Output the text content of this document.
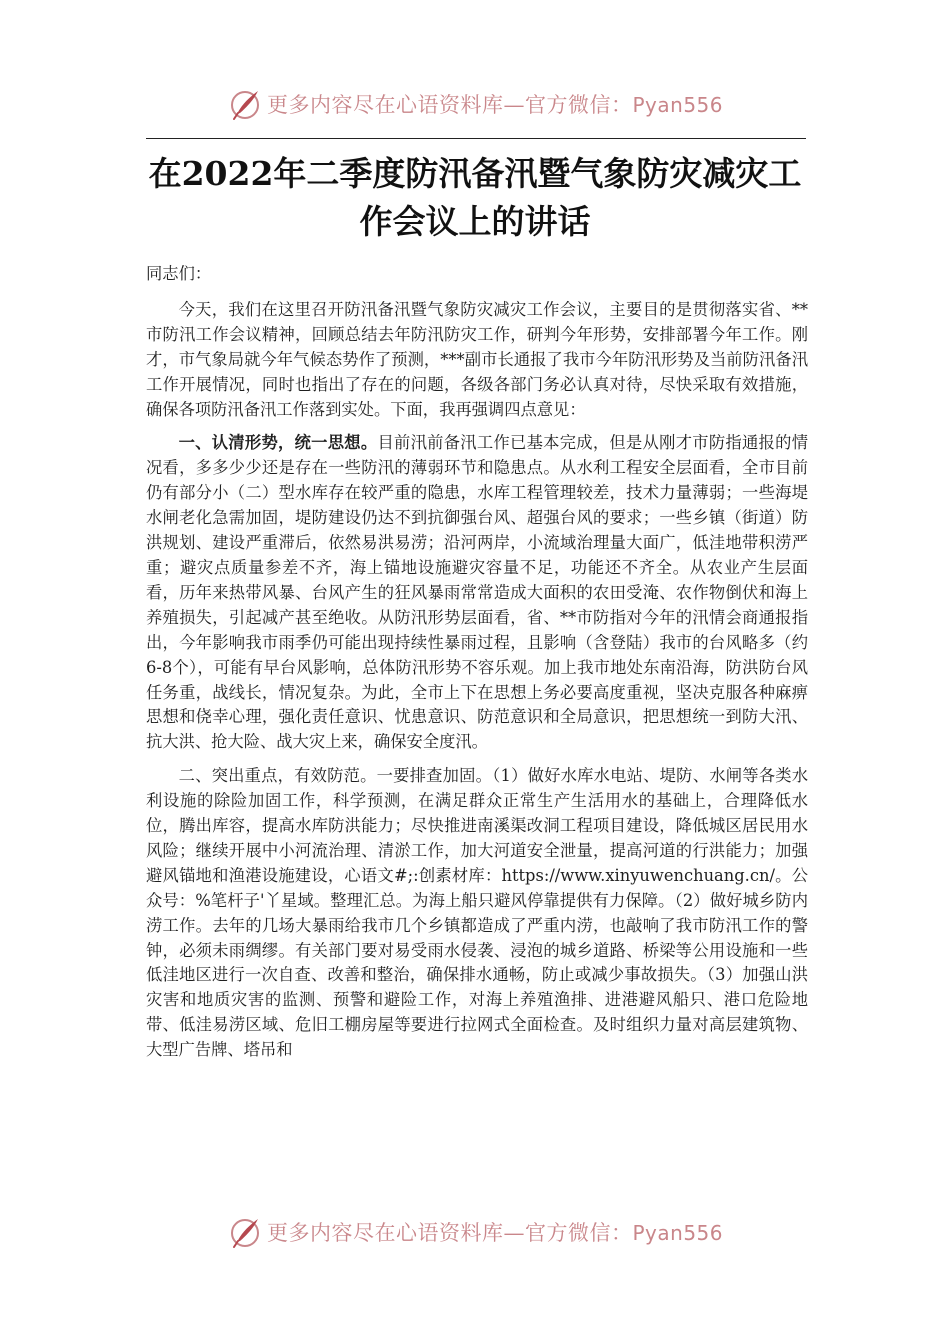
更多内容尽在心语资料库—官方微信：Pyan556
在2022年二季度防汛备汛暨气象防灾减灾工作会议上的讲话

同志们：

今天，我们在这里召开防汛备汛暨气象防灾减灾工作会议，主要目的是贯彻落实省、**市防汛工作会议精神，回顾总结去年防汛防灾工作，研判今年形势，安排部署今年工作。刚才，市气象局就今年气候态势作了预测，***副市长通报了我市今年防汛形势及当前防汛备汛工作开展情况，同时也指出了存在的问题，各级各部门务必认真对待，尽快采取有效措施，确保各项防汛备汛工作落到实处。下面，我再强调四点意见：

一、认清形势，统一思想。目前汛前备汛工作已基本完成，但是从刚才市防指通报的情况看，多多少少还是存在一些防汛的薄弱环节和隐患点。从水利工程安全层面看，全市目前仍有部分小（二）型水库存在较严重的隐患，水库工程管理较差，技术力量薄弱；一些海堤水闸老化急需加固，堤防建设仍达不到抗御强台风、超强台风的要求；一些乡镇（街道）防洪规划、建设严重滞后，依然易洪易涝；沿河两岸，小流域治理量大面广，低洼地带积涝严重；避灾点质量参差不齐，海上锚地设施避灾容量不足，功能还不齐全。从农业产生层面看，历年来热带风暴、台风产生的狂风暴雨常常造成大面积的农田受淹、农作物倒伏和海上养殖损失，引起减产甚至绝收。从防汛形势层面看，省、**市防指对今年的汛情会商通报指出，今年影响我市雨季仍可能出现持续性暴雨过程，且影响（含登陆）我市的台风略多（约6-8个），可能有早台风影响，总体防汛形势不容乐观。加上我市地处东南沿海，防洪防台风任务重，战线长，情况复杂。为此，全市上下在思想上务必要高度重视，坚决克服各种麻痹思想和侥幸心理，强化责任意识、忧患意识、防范意识和全局意识，把思想统一到防大汛、抗大洪、抢大险、战大灾上来，确保安全度汛。

二、突出重点，有效防范。一要排查加固。（1）做好水库水电站、堤防、水闸等各类水利设施的除险加固工作，科学预测，在满足群众正常生产生活用水的基础上，合理降低水位，腾出库容，提高水库防洪能力；尽快推进南溪渠改洞工程项目建设，降低城区居民用水风险；继续开展中小河流治理、清淤工作，加大河道安全泄量，提高河道的行洪能力；加强避风锚地和渔港设施建设，心语文#;:创素材库：https://www.xinyuwenchuang.cn/。公众号：%笔杆子'丫星域。整理汇总。为海上船只避风停靠提供有力保障。（2）做好城乡防内涝工作。去年的几场大暴雨给我市几个乡镇都造成了严重内涝，也敲响了我市防汛工作的警钟，必须未雨绸缪。有关部门要对易受雨水侵袭、浸泡的城乡道路、桥梁等公用设施和一些低洼地区进行一次自查、改善和整治，确保排水通畅，防止或减少事故损失。（3）加强山洪灾害和地质灾害的监测、预警和避险工作，对海上养殖渔排、进港避风船只、港口危险地带、低洼易涝区域、危旧工棚房屋等要进行拉网式全面检查。及时组织力量对高层建筑物、大型广告牌、塔吊和

更多内容尽在心语资料库—官方微信：Pyan556
